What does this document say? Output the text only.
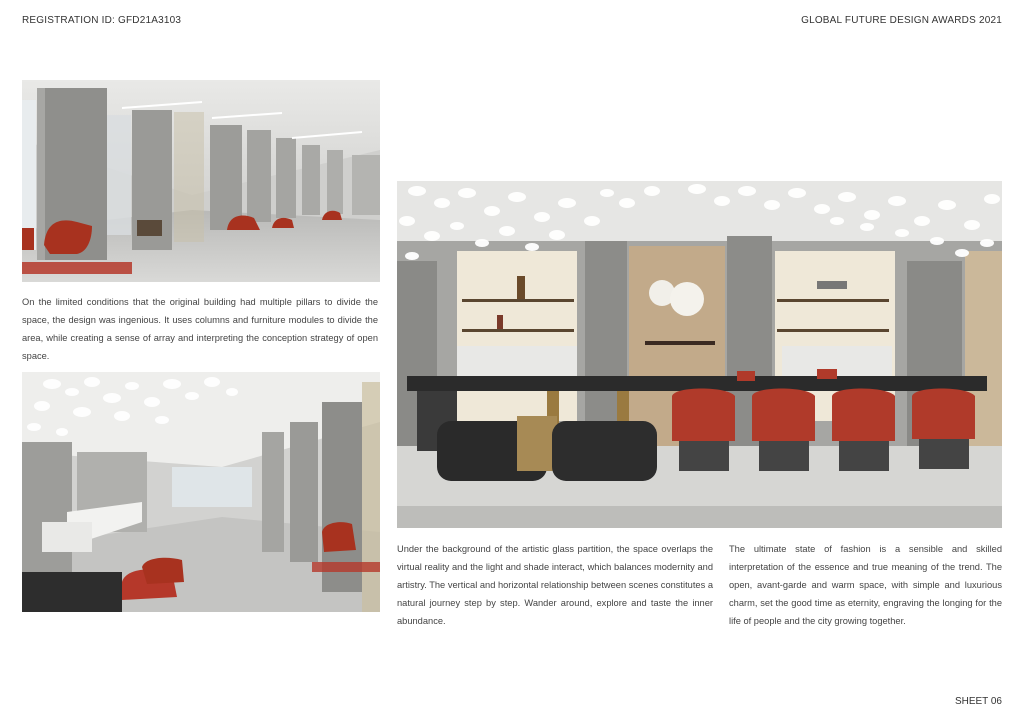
REGISTRATION ID: GFD21A3103	GLOBAL FUTURE DESIGN AWARDS 2021
On the limited conditions that the original building had multiple pillars to divide the space, the design was ingenious. It uses columns and furniture modules to divide the area, while creating a sense of array and interpreting the conception strategy of open space.
Under the background of the artistic glass partition, the space overlaps the virtual reality and the light and shade interact, which balances modernity and artistry. The vertical and horizontal relationship between scenes constitutes a natural journey step by step. Wander around, explore and taste the inner abundance.
The ultimate state of fashion is a sensible and skilled interpretation of the essence and true meaning of the trend. The open, avant-garde and warm space, with simple and luxurious charm, set the good time as eternity, engraving the longing for the life of people and the city growing together.
SHEET 06
